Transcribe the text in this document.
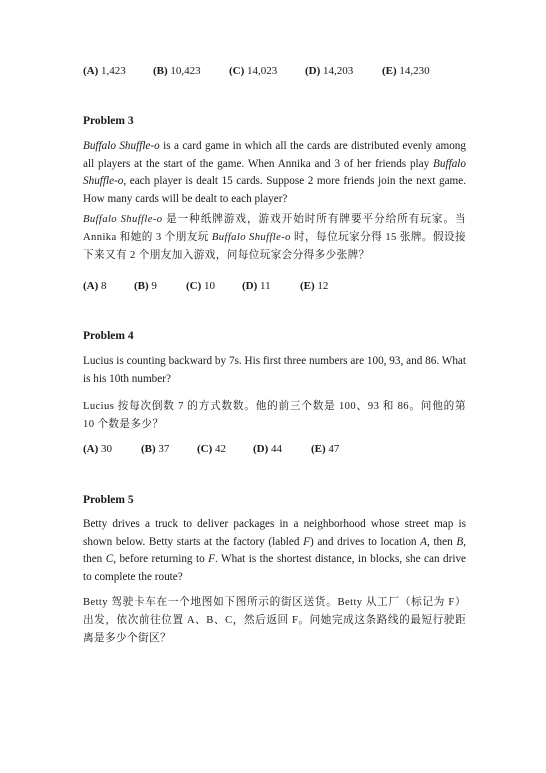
(A) 1,423	(B) 10,423	(C) 14,023	(D) 14,203	(E) 14,230
Problem 3
Buffalo Shuffle-o is a card game in which all the cards are distributed evenly among all players at the start of the game. When Annika and 3 of her friends play Buffalo Shuffle-o, each player is dealt 15 cards. Suppose 2 more friends join the next game. How many cards will be dealt to each player?
Buffalo Shuffle-o 是一种纸牌游戏，游戏开始时所有牌要平分给所有玩家。当 Annika 和她的 3 个朋友玩 Buffalo Shuffle-o 时，每位玩家分得 15 张牌。假设接下来又有 2 个朋友加入游戏，问每位玩家会分得多少张牌？
(A) 8	(B) 9	(C) 10	(D) 11	(E) 12
Problem 4
Lucius is counting backward by 7s. His first three numbers are 100, 93, and 86. What is his 10th number?
Lucius 按每次倒数 7 的方式数数。他的前三个数是 100、93 和 86。问他的第 10 个数是多少？
(A) 30	(B) 37	(C) 42	(D) 44	(E) 47
Problem 5
Betty drives a truck to deliver packages in a neighborhood whose street map is shown below. Betty starts at the factory (labled F) and drives to location A, then B, then C, before returning to F. What is the shortest distance, in blocks, she can drive to complete the route?
Betty 驾驶卡车在一个地图如下图所示的街区送货。Betty 从工厂（标记为 F）出发，依次前往位置 A、B、C，然后返回 F。问她完成这条路线的最短行驶距离是多少个街区？
